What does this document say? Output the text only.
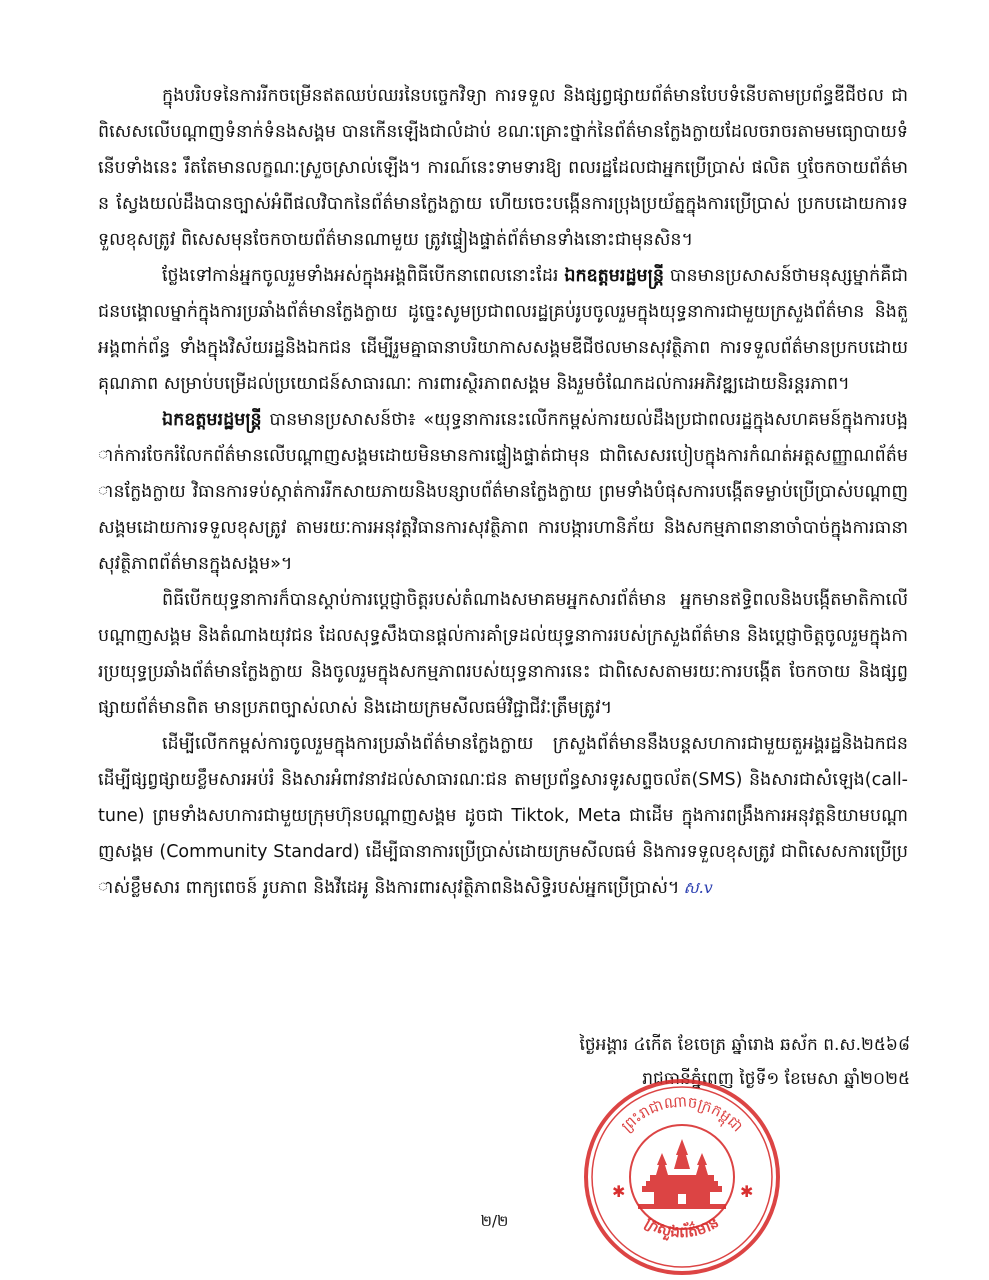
ក្នុងបរិបទនៃការរីកចម្រើនឥតឈប់ឈរនៃបច្ចេកវិទ្យា ការទទួល និងផ្សព្វផ្សាយព័ត៌មានបែបទំនើបតាមប្រព័ន្ធឌីជីថល ជាពិសេសលើបណ្តាញទំនាក់ទំនងសង្គម បានកើនឡើងជាលំដាប់ ខណៈគ្រោះថ្នាក់នៃព័ត៌មានក្លែងក្លាយដែលចរាចរតាមមធ្យោបាយទំនើបទាំងនេះ រឹតតែមានលក្ខណៈស្រួចស្រាល់ឡើង។ ការណ៍នេះទាមទារឱ្យ ពលរដ្ឋដែលជាអ្នកប្រើប្រាស់ ផលិត ឬចែកចាយព័ត៌មាន ស្វែងយល់ដឹងបានច្បាស់អំពីផលវិបាកនៃព័ត៌មានក្លែងក្លាយ ហើយចេះបង្កើនការប្រុងប្រយ័ត្នក្នុងការប្រើប្រាស់ ប្រកបដោយការទទួលខុសត្រូវ ពិសេសមុនចែកចាយព័ត៌មានណាមួយ ត្រូវផ្ទៀងផ្ទាត់ព័ត៌មានទាំងនោះជាមុនសិន។

ថ្លែងទៅកាន់អ្នកចូលរួមទាំងអស់ក្នុងអង្គពិធីបើកនាពេលនោះដែរ ឯកឧត្តមរដ្ឋមន្ត្រី បានមានប្រសាសន៍ថាមនុស្សម្នាក់គឺជាជនបង្គោលម្នាក់ក្នុងការប្រឆាំងព័ត៌មានក្លែងក្លាយ ដូច្នេះសូមប្រជាពលរដ្ឋគ្រប់រូបចូលរួមក្នុងយុទ្ធនាការជាមួយក្រសួងព័ត៌មាន និងតួអង្គពាក់ព័ន្ធ ទាំងក្នុងវិស័យរដ្ឋនិងឯកជន ដើម្បីរួមគ្នាធានាបរិយាកាសសង្គមឌីជីថលមានសុវត្ថិភាព ការទទួលព័ត៌មានប្រកបដោយគុណភាព សម្រាប់បម្រើដល់ប្រយោជន៍សាធារណៈ ការពារស្ថិរភាពសង្គម និងរួមចំណែកដល់ការអភិវឌ្ឍដោយនិរន្តរភាព។

ឯកឧត្តមរដ្ឋមន្ត្រី បានមានប្រសាសន៍ថា៖ «យុទ្ធនាការនេះលើកកម្ពស់ការយល់ដឹងប្រជាពលរដ្ឋក្នុងសហគមន៍ក្នុងការបង្អាក់ការចែករំលែកព័ត៌មានលើបណ្តាញសង្គមដោយមិនមានការផ្ទៀងផ្ទាត់ជាមុន ជាពិសេសរបៀបក្នុងការកំណត់អត្តសញ្ញាណព័ត៌មានក្លែងក្លាយ វិធានការទប់ស្កាត់ការរីកសាយភាយនិងបន្សាបព័ត៌មានក្លែងក្លាយ ព្រមទាំងបំផុសការបង្កើតទម្លាប់ប្រើប្រាស់បណ្តាញសង្គមដោយការទទួលខុសត្រូវ តាមរយៈការអនុវត្តវិធានការសុវត្ថិភាព ការបង្ការហានិភ័យ និងសកម្មភាពនានាចាំបាច់ក្នុងការធានាសុវត្ថិភាពព័ត៌មានក្នុងសង្គម»។

ពិធីបើកយុទ្ធនាការក៏បានស្តាប់ការប្តេជ្ញាចិត្តរបស់តំណាងសមាគមអ្នកសារព័ត៌មាន អ្នកមានឥទ្ធិពលនិងបង្កើតមាតិកាលើបណ្តាញសង្គម និងតំណាងយុវជន ដែលសុទ្ធសឹងបានផ្តល់ការគាំទ្រដល់យុទ្ធនាការរបស់ក្រសួងព័ត៌មាន និងប្តេជ្ញាចិត្តចូលរួមក្នុងការប្រយុទ្ធប្រឆាំងព័ត៌មានក្លែងក្លាយ និងចូលរួមក្នុងសកម្មភាពរបស់យុទ្ធនាការនេះ ជាពិសេសតាមរយៈការបង្កើត ចែកចាយ និងផ្សព្វផ្សាយព័ត៌មានពិត មានប្រភពច្បាស់លាស់ និងដោយក្រមសីលធម៌វិជ្ជាជីវៈត្រឹមត្រូវ។

ដើម្បីលើកកម្ពស់ការចូលរួមក្នុងការប្រឆាំងព័ត៌មានក្លែងក្លាយ ក្រសួងព័ត៌មាននឹងបន្តសហការជាមួយតួអង្គរដ្ឋនិងឯកជន ដើម្បីផ្សព្វផ្សាយខ្លឹមសារអប់រំ និងសារអំពាវនាវដល់សាធារណៈជន តាមប្រព័ន្ធសារទូរសព្ទចល័ត(SMS) និងសារជាសំឡេង(call-tune) ព្រមទាំងសហការជាមួយក្រុមហ៊ុនបណ្តាញសង្គម ដូចជា Tiktok, Meta ជាដើម ក្នុងការពង្រឹងការអនុវត្តនិយាមបណ្តាញសង្គម (Community Standard) ដើម្បីធានាការប្រើប្រាស់ដោយក្រមសីលធម៌ និងការទទួលខុសត្រូវ ជាពិសេសការប្រើប្រាស់ខ្លឹមសារ ពាក្យពេចន៍ រូបភាព និងវីដេអូ និងការពារសុវត្ថិភាពនិងសិទ្ធិរបស់អ្នកប្រើប្រាស់។ ស.v

ថ្ងៃអង្គារ ៤កើត ខែចេត្រ ឆ្នាំរោង ឆស័ក ព.ស.២៥៦៨
រាជធានីភ្នំពេញ ថ្ងៃទី១ ខែមេសា ឆ្នាំ២០២៥
ព្រះរាជាណាចក្រកម្ពុជា
ក្រសួងព័ត៌មាន
✱	✱
២/២
